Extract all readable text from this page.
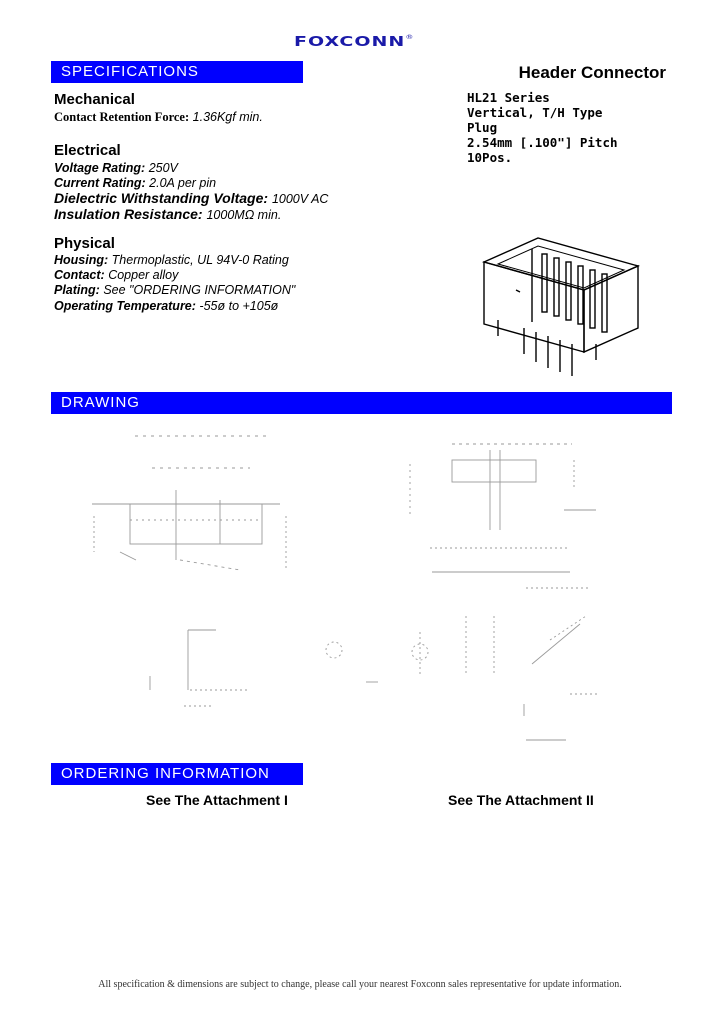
FOXCONN®
SPECIFICATIONS	Header Connector
HL21 Series
Vertical, T/H Type
Plug
2.54mm [.100"] Pitch
10Pos.
Mechanical
Contact Retention Force: 1.36Kgf min.
Electrical
Voltage Rating: 250V
Current Rating: 2.0A per pin
Dielectric Withstanding Voltage: 1000V AC
Insulation Resistance: 1000MΩ min.
Physical
Housing: Thermoplastic, UL 94V-0 Rating
Contact: Copper alloy
Plating: See "ORDERING INFORMATION"
Operating Temperature: -55ø to +105ø
DRAWING
ORDERING INFORMATION
See The Attachment I	See The Attachment II
All specification & dimensions are subject to change, please call your nearest Foxconn sales representative for update information.
